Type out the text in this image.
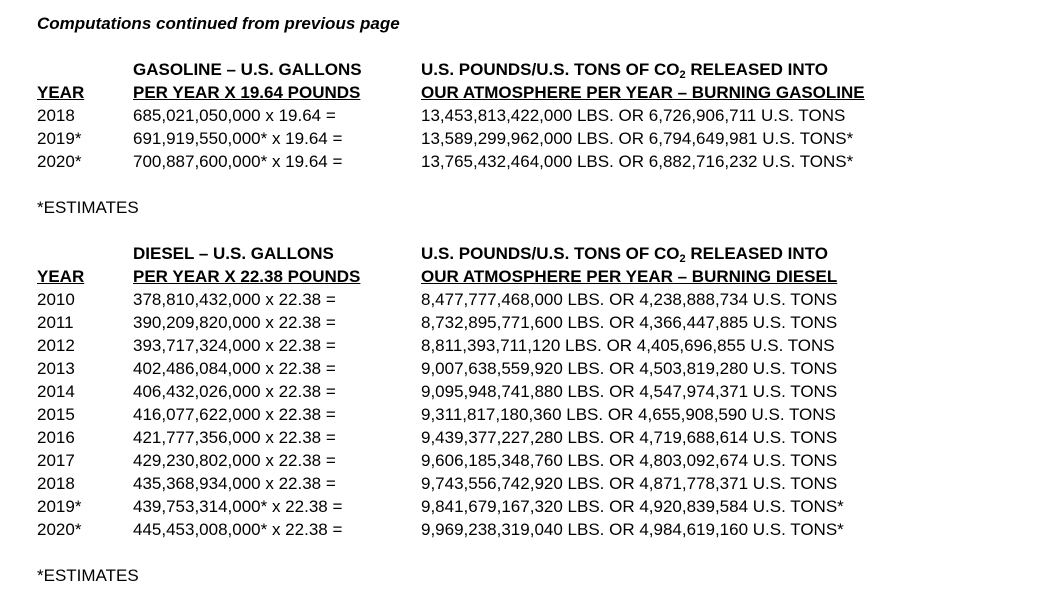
Computations continued from previous page
GASOLINE – U.S. GALLONS	U.S. POUNDS/U.S. TONS OF $CO_2$ RELEASED INTO
YEAR	PER YEAR X 19.64 POUNDS	OUR ATMOSPHERE PER YEAR – BURNING GASOLINE
2018	685,021,050,000 x 19.64 =	13,453,813,422,000 LBS. OR 6,726,906,711 U.S. TONS
2019*	691,919,550,000* x 19.64 =	13,589,299,962,000 LBS. OR 6,794,649,981 U.S. TONS*
2020*	700,887,600,000* x 19.64 =	13,765,432,464,000 LBS. OR 6,882,716,232 U.S. TONS*
*ESTIMATES
DIESEL – U.S. GALLONS	U.S. POUNDS/U.S. TONS OF $CO_2$ RELEASED INTO
YEAR	PER YEAR X 22.38 POUNDS	OUR ATMOSPHERE PER YEAR – BURNING DIESEL
2010	378,810,432,000 x 22.38 =	8,477,777,468,000 LBS. OR 4,238,888,734 U.S. TONS
2011	390,209,820,000 x 22.38 =	8,732,895,771,600 LBS. OR 4,366,447,885 U.S. TONS
2012	393,717,324,000 x 22.38 =	8,811,393,711,120 LBS. OR 4,405,696,855 U.S. TONS
2013	402,486,084,000 x 22.38 =	9,007,638,559,920 LBS. OR 4,503,819,280 U.S. TONS
2014	406,432,026,000 x 22.38 =	9,095,948,741,880 LBS. OR 4,547,974,371 U.S. TONS
2015	416,077,622,000 x 22.38 =	9,311,817,180,360 LBS. OR 4,655,908,590 U.S. TONS
2016	421,777,356,000 x 22.38 =	9,439,377,227,280 LBS. OR 4,719,688,614 U.S. TONS
2017	429,230,802,000 x 22.38 =	9,606,185,348,760 LBS. OR 4,803,092,674 U.S. TONS
2018	435,368,934,000 x 22.38 =	9,743,556,742,920 LBS. OR 4,871,778,371 U.S. TONS
2019*	439,753,314,000* x 22.38 =	9,841,679,167,320 LBS. OR 4,920,839,584 U.S. TONS*
2020*	445,453,008,000* x 22.38 =	9,969,238,319,040 LBS. OR 4,984,619,160 U.S. TONS*
*ESTIMATES
